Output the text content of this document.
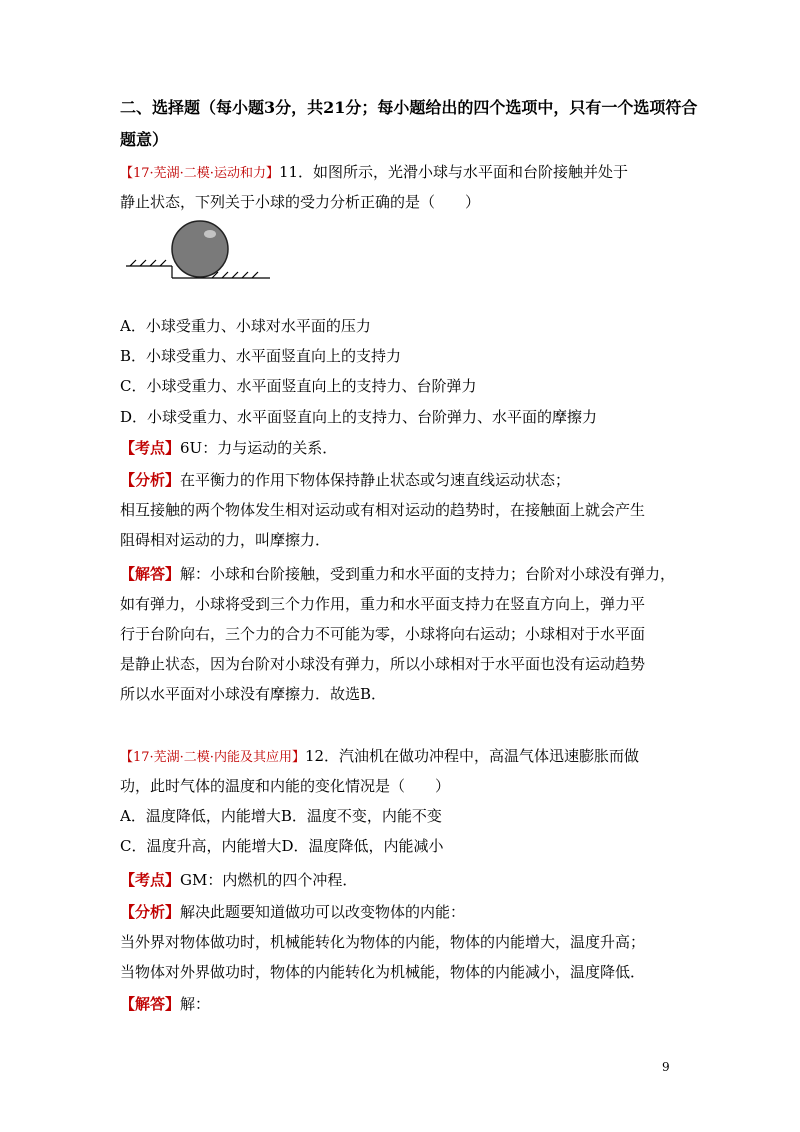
二、选择题（每小题3分，共21分；每小题给出的四个选项中，只有一个选项符合
题意）
【17·芜湖·二模·运动和力】11．如图所示，光滑小球与水平面和台阶接触并处于
静止状态，下列关于小球的受力分析正确的是（　　）
A．小球受重力、小球对水平面的压力
B．小球受重力、水平面竖直向上的支持力
C．小球受重力、水平面竖直向上的支持力、台阶弹力
D．小球受重力、水平面竖直向上的支持力、台阶弹力、水平面的摩擦力
【考点】6U：力与运动的关系．
【分析】在平衡力的作用下物体保持静止状态或匀速直线运动状态；
相互接触的两个物体发生相对运动或有相对运动的趋势时，在接触面上就会产生
阻碍相对运动的力，叫摩擦力．
【解答】解：小球和台阶接触，受到重力和水平面的支持力；台阶对小球没有弹力，
如有弹力，小球将受到三个力作用，重力和水平面支持力在竖直方向上，弹力平
行于台阶向右，三个力的合力不可能为零，小球将向右运动；小球相对于水平面
是静止状态，因为台阶对小球没有弹力，所以小球相对于水平面也没有运动趋势
所以水平面对小球没有摩擦力．故选B．
【17·芜湖·二模·内能及其应用】12．汽油机在做功冲程中，高温气体迅速膨胀而做
功，此时气体的温度和内能的变化情况是（　　）
A．温度降低，内能增大B．温度不变，内能不变
C．温度升高，内能增大D．温度降低，内能减小
【考点】GM：内燃机的四个冲程．
【分析】解决此题要知道做功可以改变物体的内能：
当外界对物体做功时，机械能转化为物体的内能，物体的内能增大，温度升高；
当物体对外界做功时，物体的内能转化为机械能，物体的内能减小，温度降低．
【解答】解：
9
